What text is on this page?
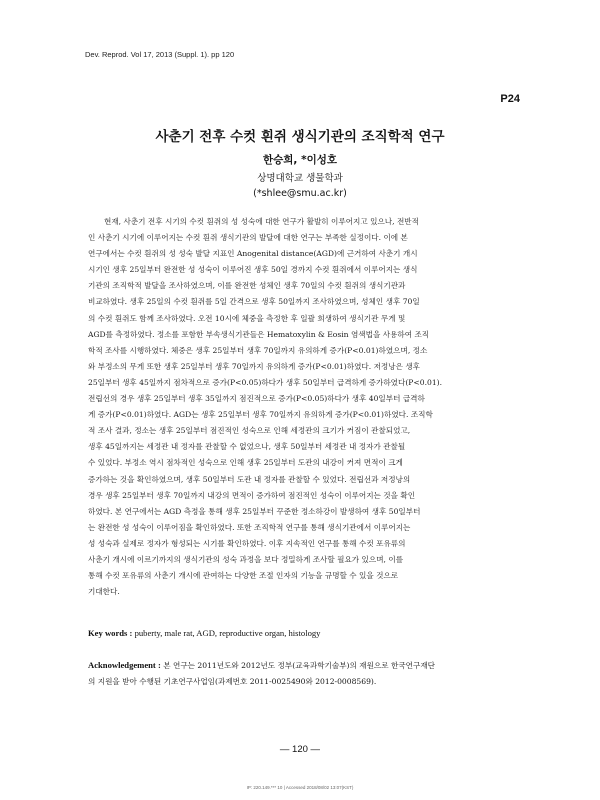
Dev. Reprod. Vol 17, 2013 (Suppl. 1). pp 120
P24
사춘기 전후 수컷 흰쥐 생식기관의 조직학적 연구
한승희, *이성호
상명대학교 생물학과
(*shlee@smu.ac.kr)
현재, 사춘기 전후 시기의 수컷 흰쥐의 성 성숙에 대한 연구가 활발히 이루어지고 있으나, 전반적
인 사춘기 시기에 이루어지는 수컷 흰쥐 생식기관의 발달에 대한 연구는 부족한 실정이다. 이에 본
연구에서는 수컷 흰쥐의 성 성숙 발달 지표인 Anogenital distance(AGD)에 근거하여 사춘기 개시
시기인 생후 25일부터 완전한 성 성숙이 이루어진 생후 50일 경까지 수컷 흰쥐에서 이루어지는 생식
기관의 조직학적 발달을 조사하였으며, 이를 완전한 성체인 생후 70일의 수컷 흰쥐의 생식기관과
비교하였다. 생후 25일의 수컷 흰쥐를 5일 간격으로 생후 50일까지 조사하였으며, 성체인 생후 70일
의 수컷 흰쥐도 함께 조사하였다. 오전 10시에 체중을 측정한 후 일괄 희생하여 생식기관 무게 및
AGD를 측정하였다. 정소를 포함한 부속생식기관들은 Hematoxylin & Eosin 염색법을 사용하여 조직
학적 조사를 시행하였다. 체중은 생후 25일부터 생후 70일까지 유의하게 증가(P<0.01)하였으며, 정소
와 부정소의 무게 또한 생후 25일부터 생후 70일까지 유의하게 증가(P<0.01)하였다. 저정낭은 생후
25일부터 생후 45일까지 점차적으로 증가(P<0.05)하다가 생후 50일부터 급격하게 증가하였다(P<0.01).
전립선의 경우 생후 25일부터 생후 35일까지 점진적으로 증가(P<0.05)하다가 생후 40일부터 급격하
게 증가(P<0.01)하였다. AGD는 생후 25일부터 생후 70일까지 유의하게 증가(P<0.01)하였다. 조직학
적 조사 결과, 정소는 생후 25일부터 점진적인 성숙으로 인해 세정관의 크기가 커짐이 관찰되었고,
생후 45일까지는 세정관 내 정자를 관찰할 수 없었으나, 생후 50일부터 세정관 내 정자가 관찰될
수 있었다. 부정소 역시 점차적인 성숙으로 인해 생후 25일부터 도관의 내강이 커져 면적이 크게
증가하는 것을 확인하였으며, 생후 50일부터 도관 내 정자를 관찰할 수 있었다. 전립선과 저정낭의
경우 생후 25일부터 생후 70일까지 내강의 면적이 증가하여 점진적인 성숙이 이루어지는 것을 확인
하였다. 본 연구에서는 AGD 측정을 통해 생후 25일부터 꾸준한 정소하강이 발생하여 생후 50일부터
는 완전한 성 성숙이 이루어짐을 확인하였다. 또한 조직학적 연구를 통해 생식기관에서 이루어지는
성 성숙과 실제로 정자가 형성되는 시기를 확인하였다. 이후 지속적인 연구를 통해 수컷 포유류의
사춘기 개시에 이르기까지의 생식기관의 성숙 과정을 보다 정밀하게 조사할 필요가 있으며, 이를
통해 수컷 포유류의 사춘기 개시에 관여하는 다양한 조절 인자의 기능을 규명할 수 있을 것으로
기대한다.
Key words : puberty, male rat, AGD, reproductive organ, histology
Acknowledgement : 본 연구는 2011년도와 2012년도 정부(교육과학기술부)의 재원으로 한국연구재단
의 지원을 받아 수행된 기초연구사업임(과제번호 2011-0025490와 2012-0008569).
— 120 —
IP: 220.149.*** 10 | Accessed 2018/08/02 13:07(KST)
